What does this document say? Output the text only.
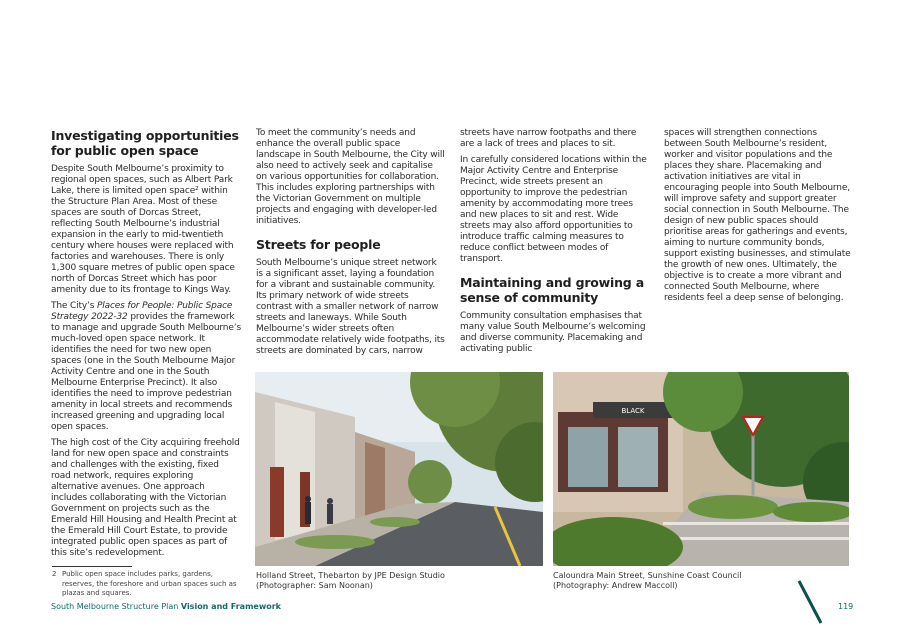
Investigating opportunities for public open space

Despite South Melbourne’s proximity to regional open spaces, such as Albert Park Lake, there is limited open space² within the Structure Plan Area. Most of these spaces are south of Dorcas Street, reflecting South Melbourne’s industrial expansion in the early to mid-twentieth century where houses were replaced with factories and warehouses. There is only 1,300 square metres of public open space north of Dorcas Street which has poor amenity due to its frontage to Kings Way.

The City’s Places for People: Public Space Strategy 2022-32 provides the framework to manage and upgrade South Melbourne’s much-loved open space network. It identifies the need for two new open spaces (one in the South Melbourne Major Activity Centre and one in the South Melbourne Enterprise Precinct). It also identifies the need to improve pedestrian amenity in local streets and recommends increased greening and upgrading local open spaces.

The high cost of the City acquiring freehold land for new open space and constraints and challenges with the existing, fixed road network, requires exploring alternative avenues. One approach includes collaborating with the Victorian Government on projects such as the Emerald Hill Housing and Health Precint at the Emerald Hill Court Estate, to provide integrated public open spaces as part of this site’s redevelopment.

To meet the community’s needs and enhance the overall public space landscape in South Melbourne, the City will also need to actively seek and capitalise on various opportunities for collaboration. This includes exploring partnerships with the Victorian Government on multiple projects and engaging with developer-led initiatives.

Streets for people

South Melbourne’s unique street network is a significant asset, laying a foundation for a vibrant and sustainable community. Its primary network of wide streets contrast with a smaller network of narrow streets and laneways. While South Melbourne’s wider streets often accommodate relatively wide footpaths, its streets are dominated by cars, narrow

streets have narrow footpaths and there are a lack of trees and places to sit.

In carefully considered locations within the Major Activity Centre and Enterprise Precinct, wide streets present an opportunity to improve the pedestrian amenity by accommodating more trees and new places to sit and rest. Wide streets may also afford opportunities to introduce traffic calming measures to reduce conflict between modes of transport.

Maintaining and growing a sense of community

Community consultation emphasises that many value South Melbourne’s welcoming and diverse community. Placemaking and activating public

spaces will strengthen connections between South Melbourne’s resident, worker and visitor populations and the places they share. Placemaking and activation initiatives are vital in encouraging people into South Melbourne, will improve safety and support greater social connection in South Melbourne. The design of new public spaces should prioritise areas for gatherings and events, aiming to nurture community bonds, support existing businesses, and stimulate the growth of new ones. Ultimately, the objective is to create a more vibrant and connected South Melbourne, where residents feel a deep sense of belonging.

Holland Street, Thebarton by JPE Design Studio
(Photographer: Sam Noonan)
BLACK
Caloundra Main Street, Sunshine Coast Council
(Photography: Andrew Maccoll)
2 Public open space includes parks, gardens, reserves, the foreshore and urban spaces such as plazas and squares.
South Melbourne Structure Plan Vision and Framework	119
